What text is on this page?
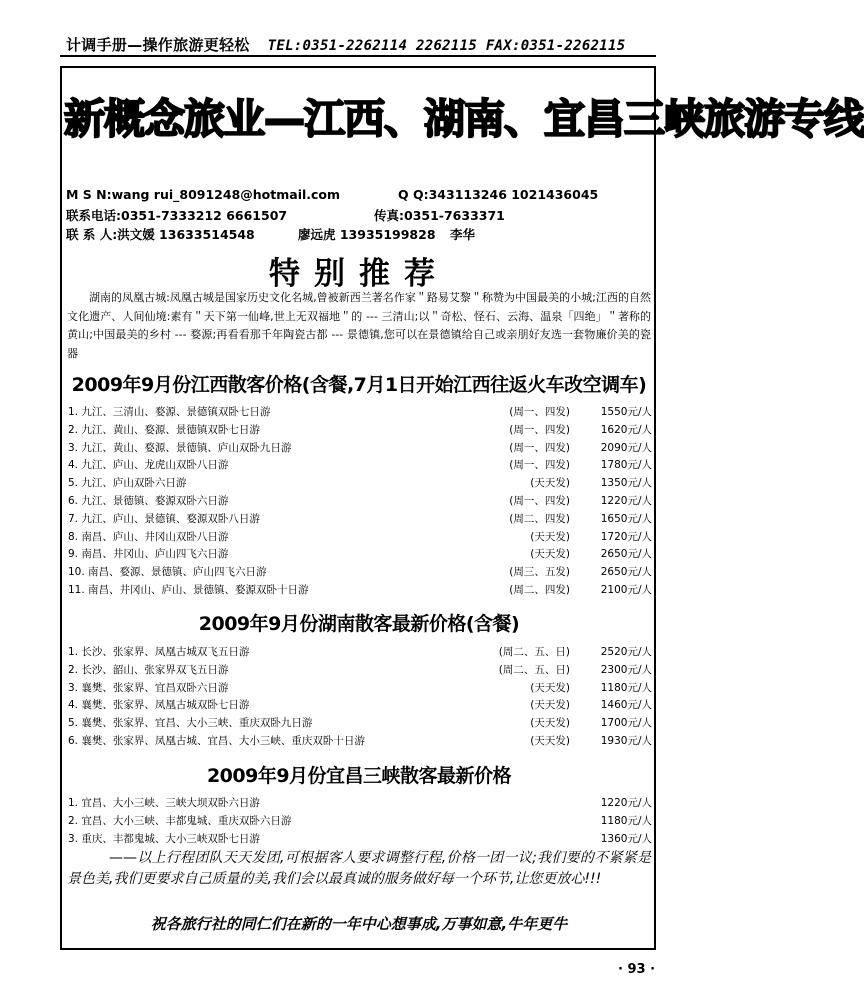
计调手册—操作旅游更轻松 TEL:0351-2262114 2262115 FAX:0351-2262115
新概念旅业—江西、湖南、宜昌三峡旅游专线
M S N:wang rui_8091248@hotmail.com	Q Q:343113246 1021436045
联系电话:0351-7333212 6661507	传真:0351-7633371
联 系 人:洪文媛 13633514548	廖远虎 13935199828 李华
特别推荐
湖南的凤凰古城:凤凰古城是国家历史文化名城,曾被新西兰著名作家＂路易艾黎＂称赞为中国最美的小城;江西的自然文化遗产、人间仙境:素有＂天下第一仙峰,世上无双福地＂的 --- 三清山;以＂奇松、怪石、云海、温泉「四绝」＂著称的黄山;中国最美的乡村 --- 婺源;再看看那千年陶瓷古都 --- 景德镇,您可以在景德镇给自己或亲朋好友选一套物廉价美的瓷器
2009年9月份江西散客价格(含餐,7月1日开始江西往返火车改空调车)
1. 九江、三清山、婺源、景德镇双卧七日游	(周一、四发)	1550元/人
2. 九江、黄山、婺源、景德镇双卧七日游	(周一、四发)	1620元/人
3. 九江、黄山、婺源、景德镇、庐山双卧九日游	(周一、四发)	2090元/人
4. 九江、庐山、龙虎山双卧八日游	(周一、四发)	1780元/人
5. 九江、庐山双卧六日游	(天天发)	1350元/人
6. 九江、景德镇、婺源双卧六日游	(周一、四发)	1220元/人
7. 九江、庐山、景德镇、婺源双卧八日游	(周二、四发)	1650元/人
8. 南昌、庐山、井冈山双卧八日游	(天天发)	1720元/人
9. 南昌、井冈山、庐山四飞六日游	(天天发)	2650元/人
10. 南昌、婺源、景德镇、庐山四飞六日游	(周三、五发)	2650元/人
11. 南昌、井冈山、庐山、景德镇、婺源双卧十日游	(周二、四发)	2100元/人
2009年9月份湖南散客最新价格(含餐)
1. 长沙、张家界、凤凰古城双飞五日游	(周二、五、日)	2520元/人
2. 长沙、韶山、张家界双飞五日游	(周二、五、日)	2300元/人
3. 襄樊、张家界、宜昌双卧六日游	(天天发)	1180元/人
4. 襄樊、张家界、凤凰古城双卧七日游	(天天发)	1460元/人
5. 襄樊、张家界、宜昌、大小三峡、重庆双卧九日游	(天天发)	1700元/人
6. 襄樊、张家界、凤凰古城、宜昌、大小三峡、重庆双卧十日游	(天天发)	1930元/人
2009年9月份宜昌三峡散客最新价格
1. 宜昌、大小三峡、三峡大坝双卧六日游	1220元/人
2. 宜昌、大小三峡、丰都鬼城、重庆双卧六日游	1180元/人
3. 重庆、丰都鬼城、大小三峡双卧七日游	1360元/人
——以上行程团队天天发团,可根据客人要求调整行程,价格一团一议;我们要的不紧紧是景色美,我们更要求自己质量的美,我们会以最真诚的服务做好每一个环节,让您更放心!!!
祝各旅行社的同仁们在新的一年中心想事成,万事如意,牛年更牛
· 93 ·
